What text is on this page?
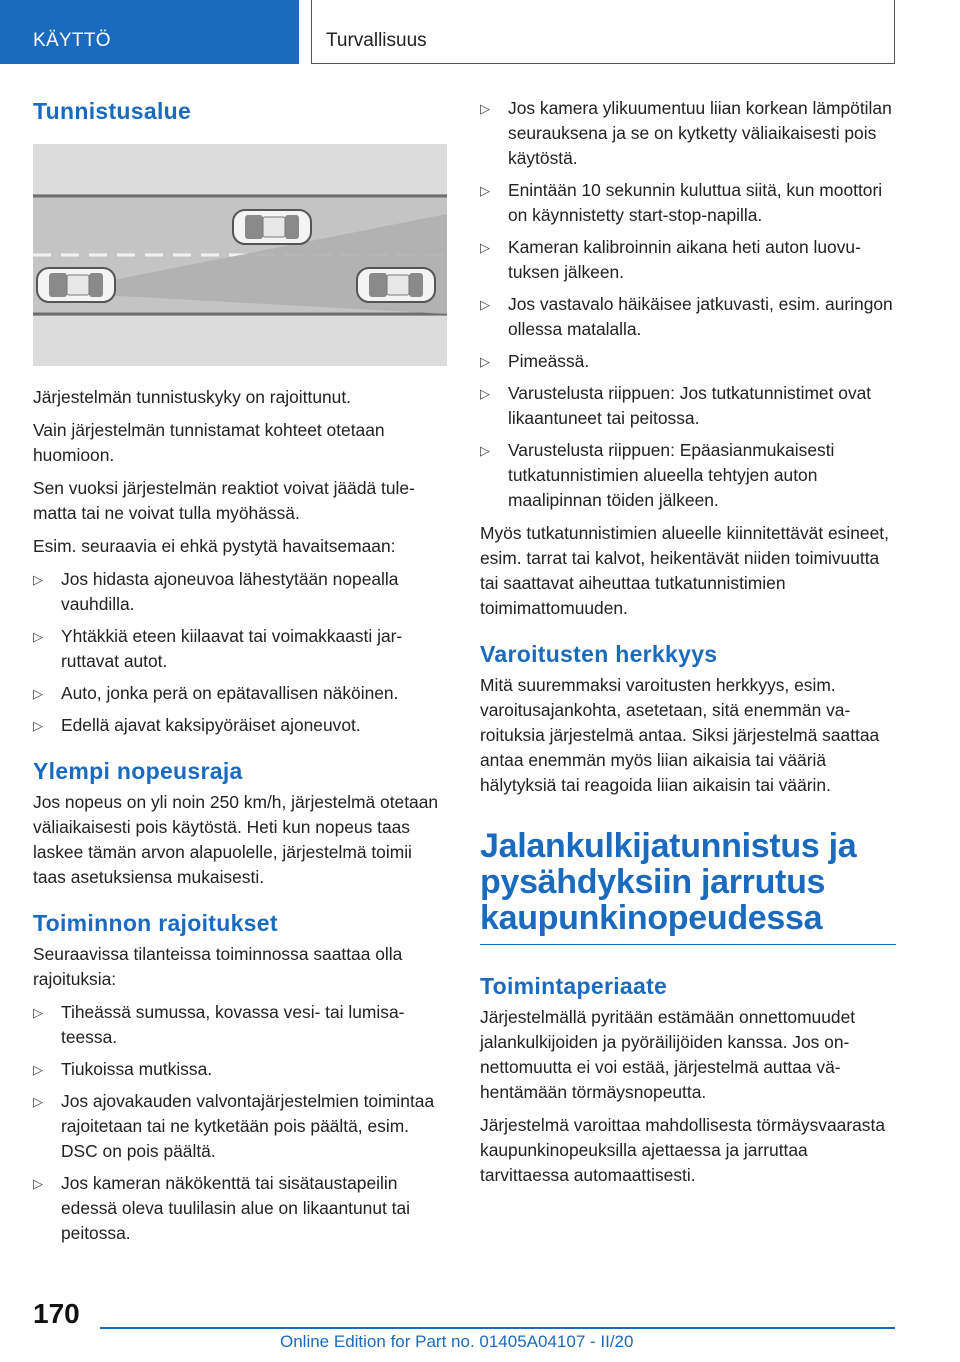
KÄYTTÖ	Turvallisuus
Tunnistusalue

Järjestelmän tunnistuskyky on rajoittunut.

Vain järjestelmän tunnistamat kohteet otetaan huomioon.

Sen vuoksi järjestelmän reaktiot voivat jäädä tulematta tai ne voivat tulla myöhässä.

Esim. seuraavia ei ehkä pystytä havaitsemaan:

▷ Jos hidasta ajoneuvoa lähestytään nopealla vauhdilla.
▷ Yhtäkkiä eteen kiilaavat tai voimakkaasti jarruttavat autot.
▷ Auto, jonka perä on epätavallisen näköinen.
▷ Edellä ajavat kaksipyöräiset ajoneuvot.
Ylempi nopeusraja

Jos nopeus on yli noin 250 km/h, järjestelmä otetaan väliaikaisesti pois käytöstä. Heti kun nopeus taas laskee tämän arvon alapuolelle, järjestelmä toimii taas asetuksiensa mukaisesti.

Toiminnon rajoitukset

Seuraavissa tilanteissa toiminnossa saattaa olla rajoituksia:

▷ Tiheässä sumussa, kovassa vesi- tai lumisateessa.
▷ Tiukoissa mutkissa.
▷ Jos ajovakauden valvontajärjestelmien toimintaa rajoitetaan tai ne kytketään pois päältä, esim. DSC on pois päältä.
▷ Jos kameran näkökenttä tai sisätaustapeilin edessä oleva tuulilasin alue on likaantunut tai peitossa.
▷ Jos kamera ylikuumentuu liian korkean lämpötilan seurauksena ja se on kytketty väliaikaisesti pois käytöstä.
▷ Enintään 10 sekunnin kuluttua siitä, kun moottori on käynnistetty start-stop-napilla.
▷ Kameran kalibroinnin aikana heti auton luovutuksen jälkeen.
▷ Jos vastavalo häikäisee jatkuvasti, esim. auringon ollessa matalalla.
▷ Pimeässä.
▷ Varustelusta riippuen: Jos tutkatunnistimet ovat likaantuneet tai peitossa.
▷ Varustelusta riippuen: Epäasianmukaisesti tutkatunnistimien alueella tehtyjen auton maalipinnan töiden jälkeen.

Myös tutkatunnistimien alueelle kiinnitettävät esineet, esim. tarrat tai kalvot, heikentävät niiden toimivuutta tai saattavat aiheuttaa tutkatunnistimien toimimattomuuden.

Varoitusten herkkyys

Mitä suuremmaksi varoitusten herkkyys, esim. varoitusajankohta, asetetaan, sitä enemmän varoituksia järjestelmä antaa. Siksi järjestelmä saattaa antaa enemmän myös liian aikaisia tai vääriä hälytyksiä tai reagoida liian aikaisin tai väärin.

Jalankulkijatunnistus ja pysähdyksiin jarrutus kaupunkinopeudessa
Toimintaperiaate

Järjestelmällä pyritään estämään onnettomuudet jalankulkijoiden ja pyöräilijöiden kanssa. Jos onnettomuutta ei voi estää, järjestelmä auttaa vähentämään törmäysnopeutta.

Järjestelmä varoittaa mahdollisesta törmäysvaarasta kaupunkinopeuksilla ajettaessa ja jarruttaa tarvittaessa automaattisesti.

170
Online Edition for Part no. 01405A04107 - II/20
